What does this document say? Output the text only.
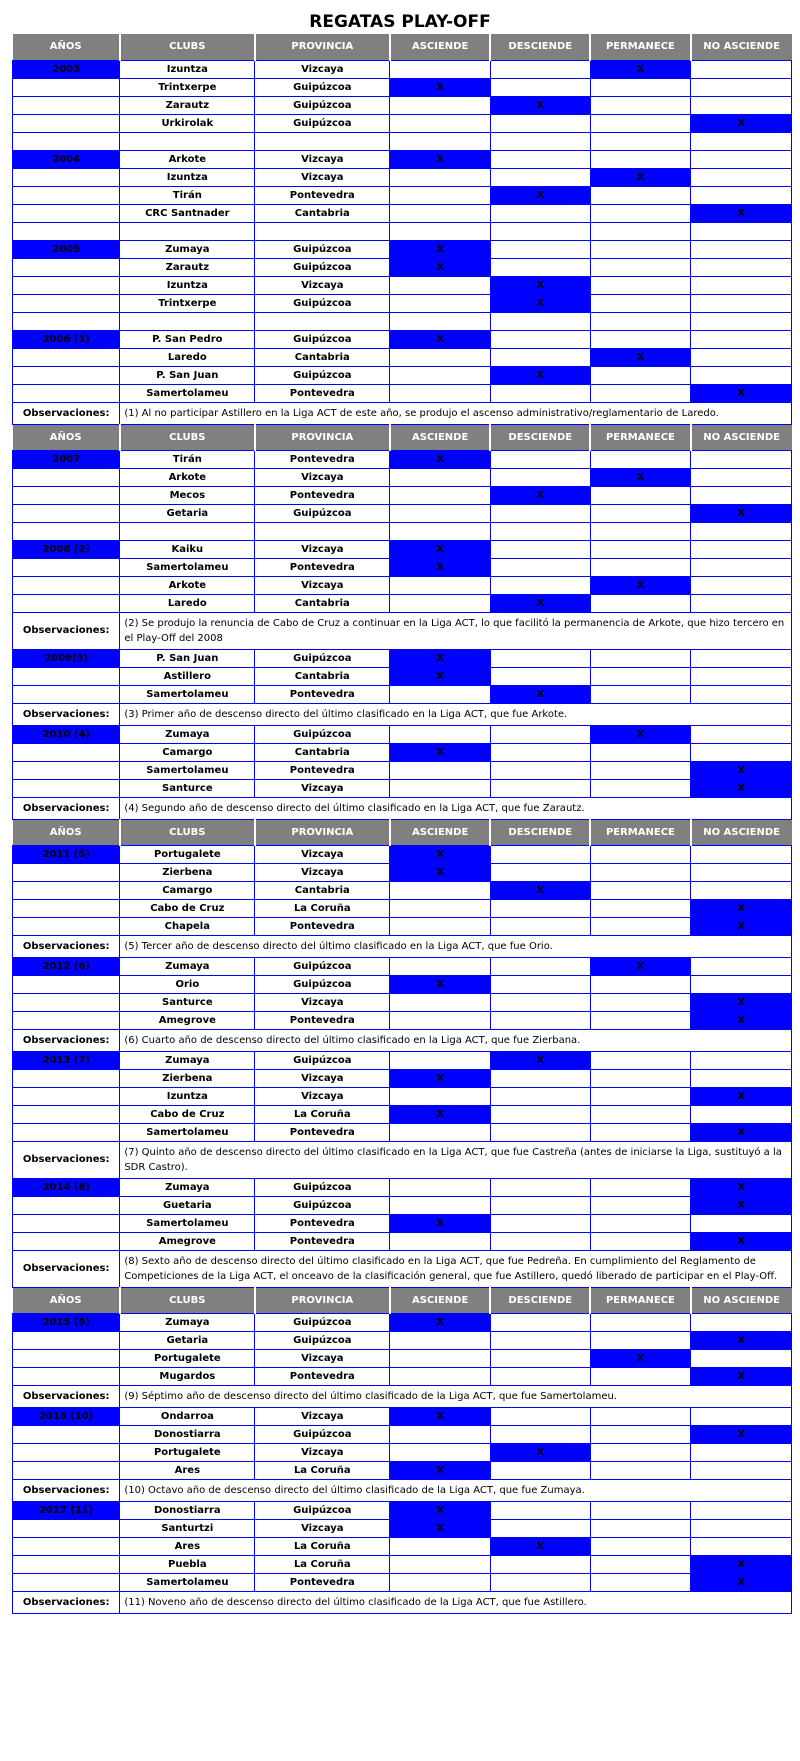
REGATAS PLAY-OFF
AÑOS	CLUBS	PROVINCIA	ASCIENDE	DESCIENDE	PERMANECE	NO ASCIENDE
2003	Izuntza	Vizcaya			X	
	Trintxerpe	Guipúzcoa	X			
	Zarautz	Guipúzcoa		X		
	Urkirolak	Guipúzcoa				X

2004	Arkote	Vizcaya	X			
	Izuntza	Vizcaya			X	
	Tirán	Pontevedra		X		
	CRC Santnader	Cantabria				X

2005	Zumaya	Guipúzcoa	X			
	Zarautz	Guipúzcoa	X			
	Izuntza	Vizcaya		X		
	Trintxerpe	Guipúzcoa		X		

2006 (1)	P. San Pedro	Guipúzcoa	X			
	Laredo	Cantabria			X	
	P. San Juan	Guipúzcoa		X		
	Samertolameu	Pontevedra				X
Observaciones:	(1) Al no participar Astillero en la Liga ACT de este año, se produjo el ascenso administrativo/reglamentario de Laredo.					
AÑOS	CLUBS	PROVINCIA	ASCIENDE	DESCIENDE	PERMANECE	NO ASCIENDE
2007	Tirán	Pontevedra	X			
	Arkote	Vizcaya			X	
	Mecos	Pontevedra		X		
	Getaria	Guipúzcoa				X

2008 (2)	Kaiku	Vizcaya	X			
	Samertolameu	Pontevedra	X			
	Arkote	Vizcaya			X	
	Laredo	Cantabria		X		
Observaciones:	(2) Se produjo la renuncia de Cabo de Cruz a continuar en la Liga ACT, lo que facilitó la permanencia de Arkote, que hizo tercero en el Play-Off del 2008					
2009(3)	P. San Juan	Guipúzcoa	X			
	Astillero	Cantabria	X			
	Samertolameu	Pontevedra		X		
Observaciones:	(3) Primer año de descenso directo del último clasificado en la Liga ACT, que fue Arkote.					
2010 (4)	Zumaya	Guipúzcoa			X	
	Camargo	Cantabria	X			
	Samertolameu	Pontevedra				X
	Santurce	Vizcaya				X
Observaciones:	(4) Segundo año de descenso directo del último clasificado en la Liga ACT, que fue Zarautz.					
AÑOS	CLUBS	PROVINCIA	ASCIENDE	DESCIENDE	PERMANECE	NO ASCIENDE
2011 (5)	Portugalete	Vizcaya	X			
	Zierbena	Vizcaya	X			
	Camargo	Cantabria		X		
	Cabo de Cruz	La Coruña				X
	Chapela	Pontevedra				X
Observaciones:	(5) Tercer año de descenso directo del último clasificado en la Liga ACT, que fue Orio.					
2012 (6)	Zumaya	Guipúzcoa			X	
	Orio	Guipúzcoa	X			
	Santurce	Vizcaya				X
	Amegrove	Pontevedra				X
Observaciones:	(6) Cuarto año de descenso directo del último clasificado en la Liga ACT, que fue Zierbana.					
2013 (7)	Zumaya	Guipúzcoa		X		
	Zierbena	Vizcaya	X			
	Izuntza	Vizcaya				X
	Cabo de Cruz	La Coruña	X			
	Samertolameu	Pontevedra				X
Observaciones:	(7) Quinto año de descenso directo del último clasificado en la Liga ACT, que fue Castreña (antes de iniciarse la Liga, sustituyó a la SDR Castro).					
2014 (8)	Zumaya	Guipúzcoa				X
	Guetaria	Guipúzcoa				X
	Samertolameu	Pontevedra	X			
	Amegrove	Pontevedra				X
Observaciones:	(8) Sexto año de descenso directo del último clasificado en la Liga ACT, que fue Pedreña. En cumplimiento del Reglamento de Competiciones de la Liga ACT, el onceavo de la clasificación general, que fue Astillero, quedó liberado de participar en el Play-Off.					
AÑOS	CLUBS	PROVINCIA	ASCIENDE	DESCIENDE	PERMANECE	NO ASCIENDE
2015 (9)	Zumaya	Guipúzcoa	X			
	Getaria	Guipúzcoa				X
	Portugalete	Vizcaya			X	
	Mugardos	Pontevedra				X
Observaciones:	(9) Séptimo año de descenso directo del último clasificado de la Liga ACT, que fue Samertolameu.					
2016 (10)	Ondarroa	Vizcaya	X			
	Donostiarra	Guipúzcoa				X
	Portugalete	Vizcaya		X		
	Ares	La Coruña	X			
Observaciones:	(10) Octavo año de descenso directo del último clasificado de la Liga ACT, que fue Zumaya.					
2017 (11)	Donostiarra	Guipúzcoa	X			
	Santurtzi	Vizcaya	X			
	Ares	La Coruña		X		
	Puebla	La Coruña				X
	Samertolameu	Pontevedra				X
Observaciones:	(11) Noveno año de descenso directo del último clasificado de la Liga ACT, que fue Astillero.					
